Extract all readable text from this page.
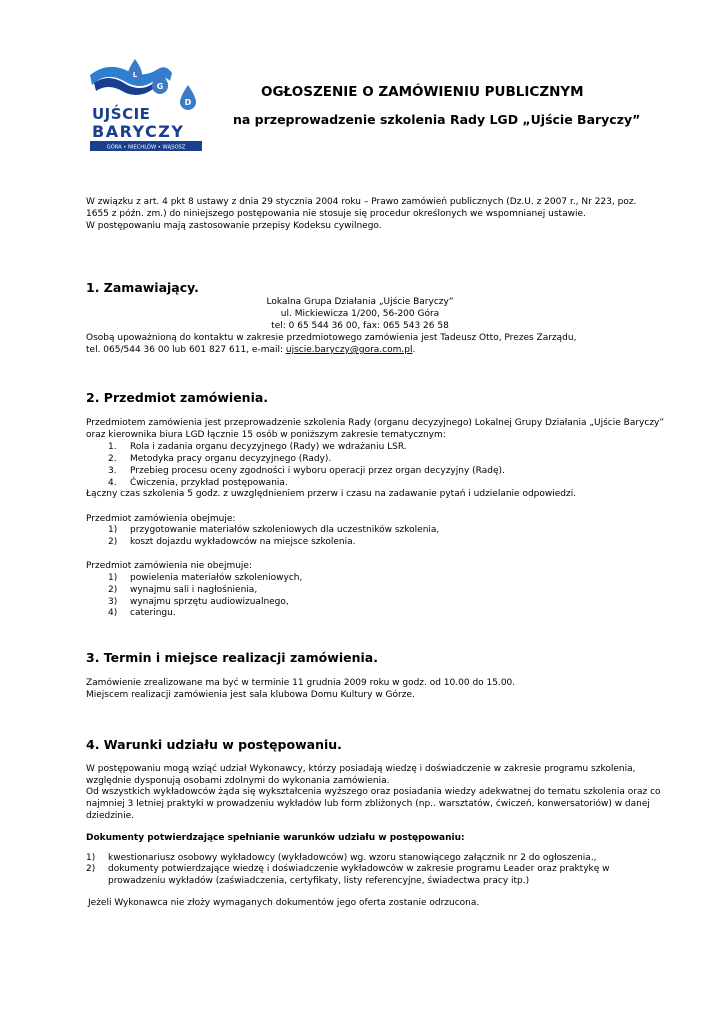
L
G
D
UJŚCIE
BARYCZY
GÓRA • NIECHLÓW • WĄSOSZ
OGŁOSZENIE O ZAMÓWIENIU PUBLICZNYM
na przeprowadzenie szkolenia Rady LGD „Ujście Baryczy”
W związku z art. 4 pkt 8 ustawy z dnia 29 stycznia 2004 roku – Prawo zamówień publicznych (Dz.U. z 2007 r., Nr 223, poz.
1655 z późn. zm.) do niniejszego postępowania nie stosuje się procedur określonych we wspomnianej ustawie.
W postępowaniu mają zastosowanie przepisy Kodeksu cywilnego.
1. Zamawiający.
Lokalna Grupa Działania „Ujście Baryczy”
ul. Mickiewicza 1/200, 56-200 Góra
tel: 0 65 544 36 00, fax: 065 543 26 58
Osobą upoważnioną do kontaktu w zakresie przedmiotowego zamówienia jest Tadeusz Otto, Prezes Zarządu,
tel. 065/544 36 00 lub 601 827 611, e-mail: ujscie.baryczy@gora.com.pl.
2. Przedmiot zamówienia.
Przedmiotem zamówienia jest przeprowadzenie szkolenia Rady (organu decyzyjnego) Lokalnej Grupy Działania „Ujście Baryczy”
oraz kierownika biura LGD łącznie 15 osób w poniższym zakresie tematycznym:
1. Rola i zadania organu decyzyjnego (Rady) we wdrażaniu LSR.
2. Metodyka pracy organu decyzyjnego (Rady).
3. Przebieg procesu oceny zgodności i wyboru operacji przez organ decyzyjny (Radę).
4. Ćwiczenia, przykład postępowania.
Łączny czas szkolenia 5 godz. z uwzględnieniem przerw i czasu na zadawanie pytań i udzielanie odpowiedzi.
Przedmiot zamówienia obejmuje:
1) przygotowanie materiałów szkoleniowych dla uczestników szkolenia,
2) koszt dojazdu wykładowców na miejsce szkolenia.
Przedmiot zamówienia nie obejmuje:
1) powielenia materiałów szkoleniowych,
2) wynajmu sali i nagłośnienia,
3) wynajmu sprzętu audiowizualnego,
4) cateringu.
3. Termin i miejsce realizacji zamówienia.
Zamówienie zrealizowane ma być w terminie 11 grudnia 2009 roku w godz. od 10.00 do 15.00.
Miejscem realizacji zamówienia jest sala klubowa Domu Kultury w Górze.
4. Warunki udziału w postępowaniu.
W postępowaniu mogą wziąć udział Wykonawcy, którzy posiadają wiedzę i doświadczenie w zakresie programu szkolenia,
względnie dysponują osobami zdolnymi do wykonania zamówienia.
Od wszystkich wykładowców żąda się wykształcenia wyższego oraz posiadania wiedzy adekwatnej do tematu szkolenia oraz co
najmniej 3 letniej praktyki w prowadzeniu wykładów lub form zbliżonych (np.. warsztatów, ćwiczeń, konwersatoriów) w danej
dziedzinie.
Dokumenty potwierdzające spełnianie warunków udziału w postępowaniu:
1) kwestionariusz osobowy wykładowcy (wykładowców) wg. wzoru stanowiącego załącznik nr 2 do ogłoszenia.,
2) dokumenty potwierdzające wiedzę i doświadczenie wykładowców w zakresie programu Leader oraz praktykę w
prowadzeniu wykładów (zaświadczenia, certyfikaty, listy referencyjne, świadectwa pracy itp.)
Jeżeli Wykonawca nie złoży wymaganych dokumentów jego oferta zostanie odrzucona.
